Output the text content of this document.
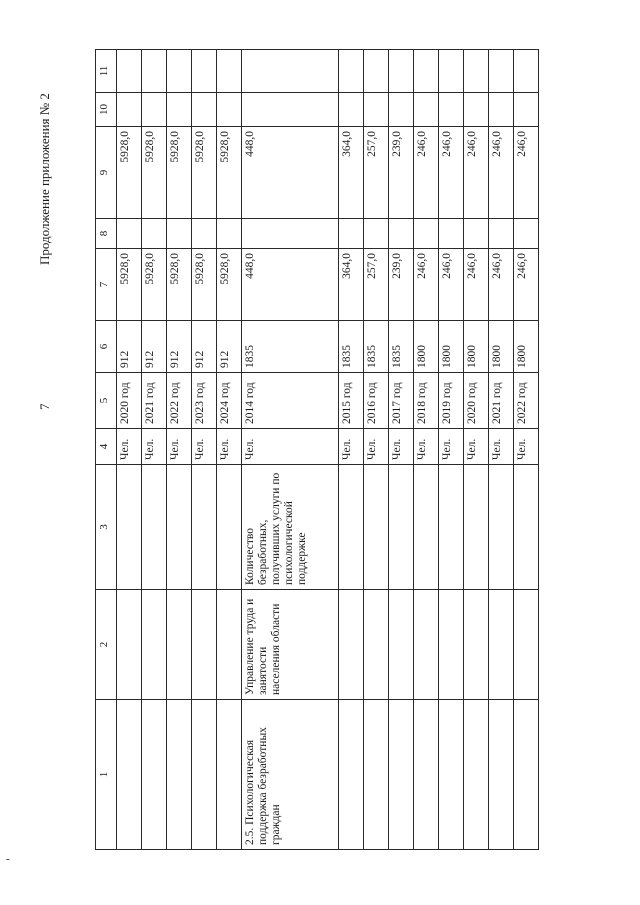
7
Продолжение приложения № 2
1	2	3	4	5	6	7	8	9	10	11
			Чел.	2020 год	912	5928,0		5928,0		
			Чел.	2021 год	912	5928,0		5928,0		
			Чел.	2022 год	912	5928,0		5928,0		
			Чел.	2023 год	912	5928,0		5928,0		
			Чел.	2024 год	912	5928,0		5928,0		
2.5. Психологическая поддержка безработных граждан	Управление труда и занятости населения области	Количество безработных, получивших услуги по психологической поддержке	Чел.	2014 год	1835	448,0		448,0		
			Чел.	2015 год	1835	364,0		364,0		
			Чел.	2016 год	1835	257,0		257,0		
			Чел.	2017 год	1835	239,0		239,0		
			Чел.	2018 год	1800	246,0		246,0		
			Чел.	2019 год	1800	246,0		246,0		
			Чел.	2020 год	1800	246,0		246,0		
			Чел.	2021 год	1800	246,0		246,0		
			Чел.	2022 год	1800	246,0		246,0		
-
